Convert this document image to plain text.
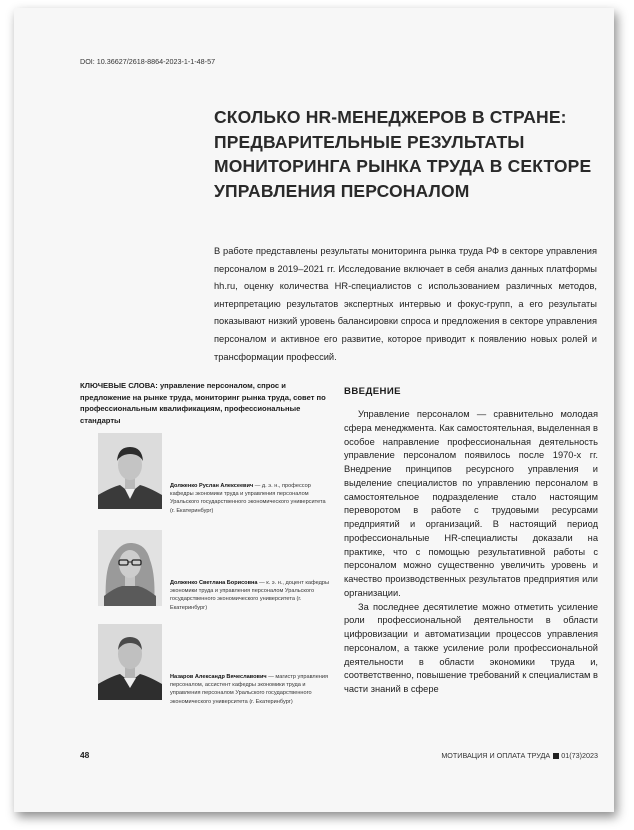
DOI: 10.36627/2618-8864-2023-1-1-48-57
СКОЛЬКО HR-МЕНЕДЖЕРОВ В СТРАНЕ: ПРЕДВАРИТЕЛЬНЫЕ РЕЗУЛЬТАТЫ МОНИТОРИНГА РЫНКА ТРУДА В СЕКТОРЕ УПРАВЛЕНИЯ ПЕРСОНАЛОМ

В работе представлены результаты мониторинга рынка труда РФ в секторе управления персоналом в 2019–2021 гг. Исследование включает в себя анализ данных платформы hh.ru, оценку количества HR-специалистов с использованием различных методов, интерпретацию результатов экспертных интервью и фокус-групп, а его результаты показывают низкий уровень балансировки спроса и предложения в секторе управления персоналом и активное его развитие, которое приводит к появлению новых ролей и трансформации профессий.

КЛЮЧЕВЫЕ СЛОВА: управление персоналом, спрос и предложение на рынке труда, мониторинг рынка труда, совет по профессиональным квалификациям, профессиональные стандарты

Долженко Руслан Алексеевич — д. э. н., профессор кафедры экономики труда и управления персоналом Уральского государственного экономического университета (г. Екатеринбург)

Долженко Светлана Борисовна — к. э. н., доцент кафедры экономики труда и управления персоналом Уральского государственного экономического университета (г. Екатеринбург)

Назаров Александр Вячеславович — магистр управления персоналом, ассистент кафедры экономики труда и управления персоналом Уральского государственного экономического университета (г. Екатеринбург)

ВВЕДЕНИЕ

Управление персоналом — сравнительно молодая сфера менеджмента. Как самостоятельная, выделенная в особое направление профессиональная деятельность управление персоналом появилось после 1970-х гг. Внедрение принципов ресурсного управления и выделение специалистов по управлению персоналом в самостоятельное подразделение стало настоящим переворотом в работе с трудовыми ресурсами предприятий и организаций. В настоящий период профессиональные HR-специалисты доказали на практике, что с помощью результативной работы с персоналом можно существенно увеличить уровень и качество производственных результатов предприятия или организации.

За последнее десятилетие можно отметить усиление роли профессиональной деятельности в области цифровизации и автоматизации процессов управления персоналом, а также усиление роли профессиональной деятельности в области экономики труда и, соответственно, повышение требований к специалистам в части знаний в сфере

48	МОТИВАЦИЯ И ОПЛАТА ТРУДА 01(73)2023
